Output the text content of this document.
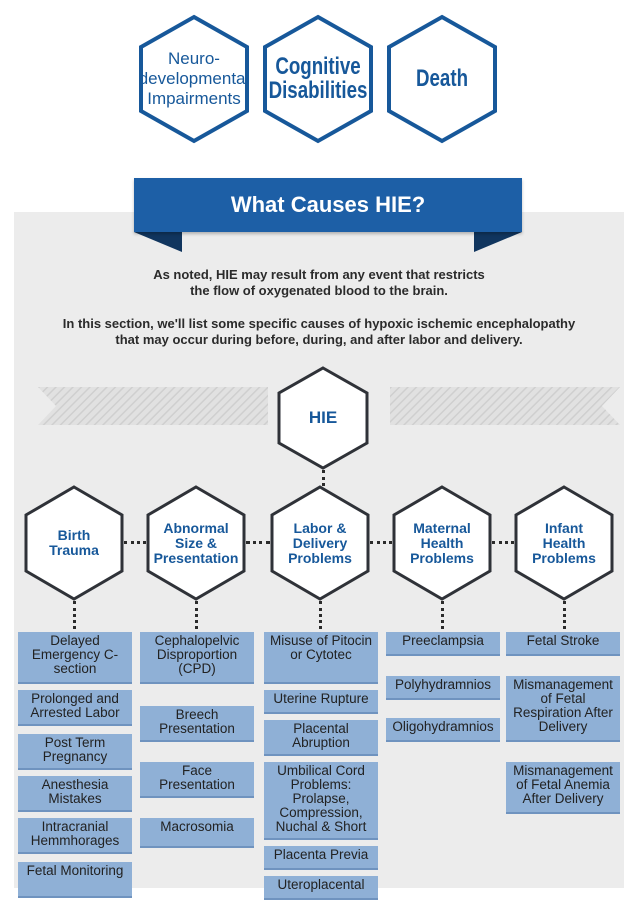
Neuro-
developmental
Impairments
Cognitive
Disabilities	Death
What Causes HIE?
As noted, HIE may result from any event that restricts
the flow of oxygenated blood to the brain.
In this section, we'll list some specific causes of hypoxic ischemic encephalopathy
that may occur during before, during, and after labor and delivery.
HIE
Birth
Trauma
Abnormal
Size &
Presentation
Labor &
Delivery
Problems
Maternal
Health
Problems
Infant
Health
Problems
Delayed Emergency C-section
Prolonged and Arrested Labor
Post Term Pregnancy
Anesthesia Mistakes
Intracranial Hemmhorages
Fetal Monitoring
Cephalopelvic Disproportion (CPD)
Breech Presentation
Face Presentation
Macrosomia
Misuse of Pitocin or Cytotec
Uterine Rupture
Placental Abruption
Umbilical Cord Problems: Prolapse, Compression, Nuchal & Short
Placenta Previa
Uteroplacental
Preeclampsia
Polyhydramnios
Oligohydramnios
Fetal Stroke
Mismanagement of Fetal Respiration After Delivery
Mismanagement of Fetal Anemia After Delivery
